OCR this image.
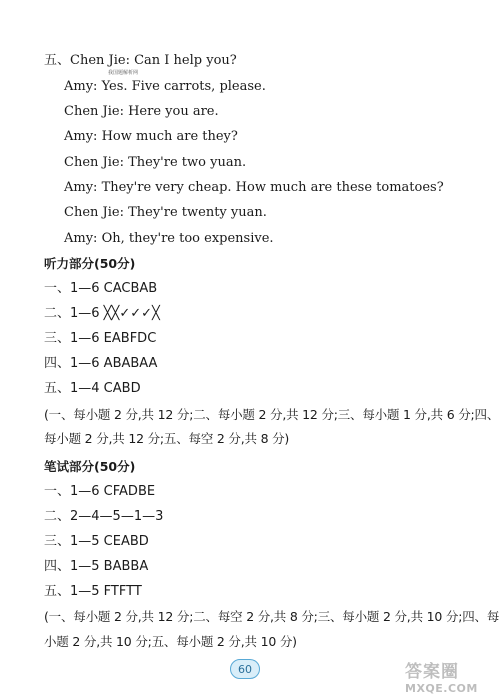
五、Chen Jie: Can I help you?
我国题解析网
Amy: Yes. Five carrots, please.
Chen Jie: Here you are.
Amy: How much are they?
Chen Jie: They're two yuan.
Amy: They're very cheap. How much are these tomatoes?
Chen Jie: They're twenty yuan.
Amy: Oh, they're too expensive.
听力部分(50分)
一、1—6 CACBAB
二、1—6 ╳╳✓✓✓╳
三、1—6 EABFDC
四、1—6 ABABAA
五、1—4 CABD
(一、每小题 2 分,共 12 分;二、每小题 2 分,共 12 分;三、每小题 1 分,共 6 分;四、
每小题 2 分,共 12 分;五、每空 2 分,共 8 分)
笔试部分(50分)
一、1—6 CFADBE
二、2—4—5—1—3
三、1—5 CEABD
四、1—5 BABBA
五、1—5 FTFTT
(一、每小题 2 分,共 12 分;二、每空 2 分,共 8 分;三、每小题 2 分,共 10 分;四、每
小题 2 分,共 10 分;五、每小题 2 分,共 10 分)
60	答案圈
MXQE.COM
